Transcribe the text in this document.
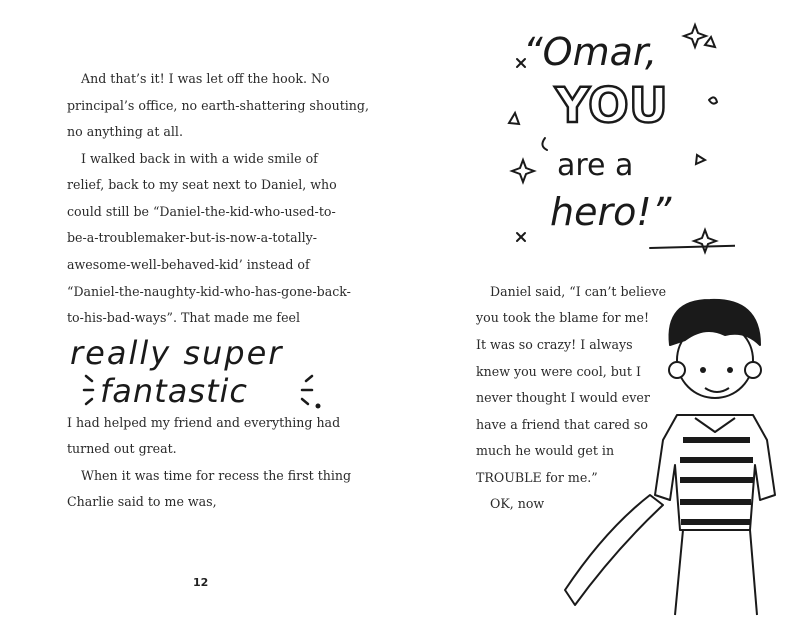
And that’s it! I was let off the hook. No
principal’s office, no earth-shattering shouting,
no anything at all.
I walked back in with a wide smile of
relief, back to my seat next to Daniel, who
could still be “Daniel-the-kid-who-used-to-
be-a-troublemaker-but-is-now-a-totally-
awesome-well-behaved-kid’ instead of
“Daniel-the-naughty-kid-who-has-gone-back-
to-his-bad-ways”. That made me feel
really super
fantastic
I had helped my friend and everything had
turned out great.
When it was time for recess the first thing
Charlie said to me was,
12
“Omar,
YOU
are a
hero!”
Daniel said, “I can’t believe
you took the blame for me!
It was so crazy! I always
knew you were cool, but I
never thought I would ever
have a friend that cared so
much he would get in
TROUBLE for me.”
OK, now
